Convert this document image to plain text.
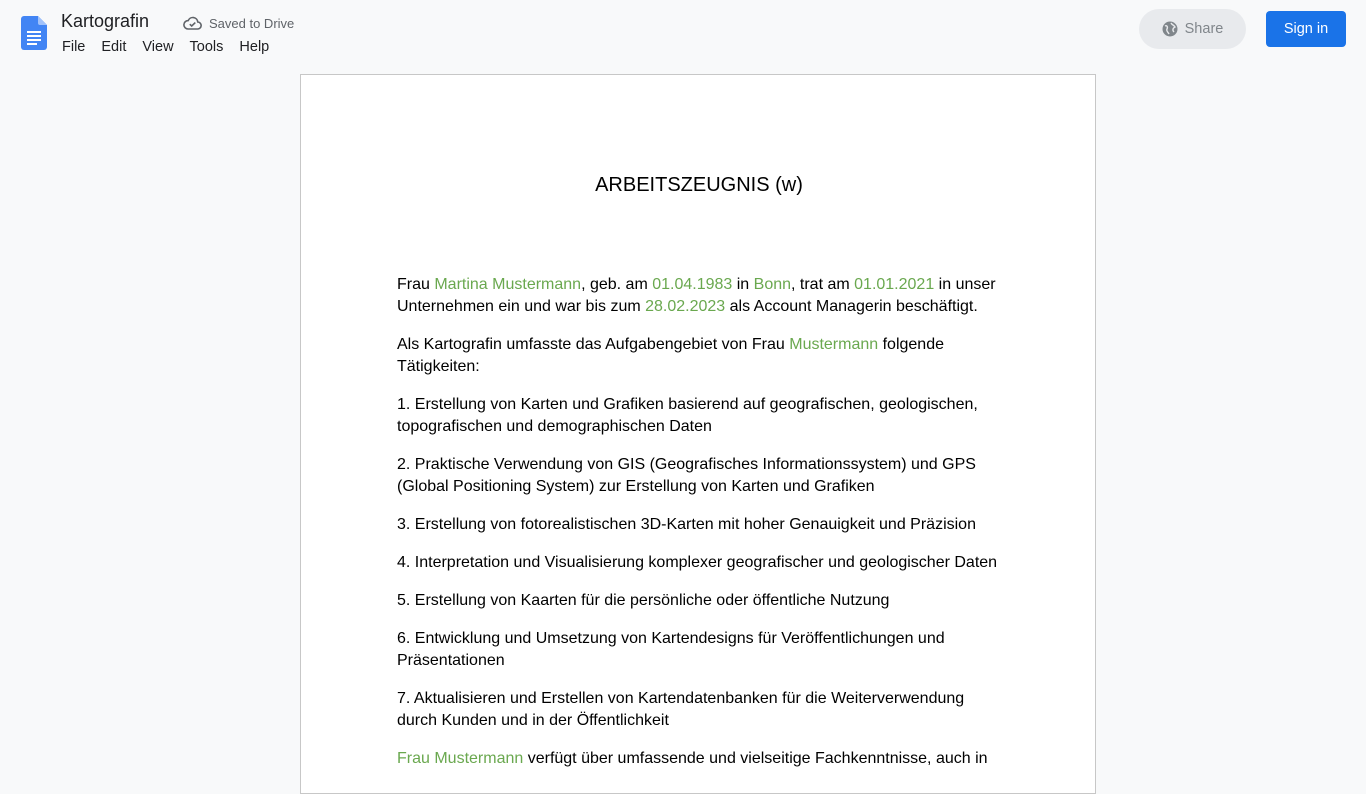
Kartografin	Saved to Drive
File	Edit	View	Tools	Help
Share	Sign in
ARBEITSZEUGNIS (w)

Frau Martina Mustermann, geb. am 01.04.1983 in Bonn, trat am 01.01.2021 in unser Unternehmen ein und war bis zum 28.02.2023 als Account Managerin beschäftigt.

Als Kartografin umfasste das Aufgabengebiet von Frau Mustermann folgende Tätigkeiten:

1. Erstellung von Karten und Grafiken basierend auf geografischen, geologischen, topografischen und demographischen Daten

2. Praktische Verwendung von GIS (Geografisches Informationssystem) und GPS (Global Positioning System) zur Erstellung von Karten und Grafiken

3. Erstellung von fotorealistischen 3D-Karten mit hoher Genauigkeit und Präzision

4. Interpretation und Visualisierung komplexer geografischer und geologischer Daten

5. Erstellung von Kaarten für die persönliche oder öffentliche Nutzung

6. Entwicklung und Umsetzung von Kartendesigns für Veröffentlichungen und Präsentationen

7. Aktualisieren und Erstellen von Kartendatenbanken für die Weiterverwendung durch Kunden und in der Öffentlichkeit

Frau Mustermann verfügt über umfassende und vielseitige Fachkenntnisse, auch in
